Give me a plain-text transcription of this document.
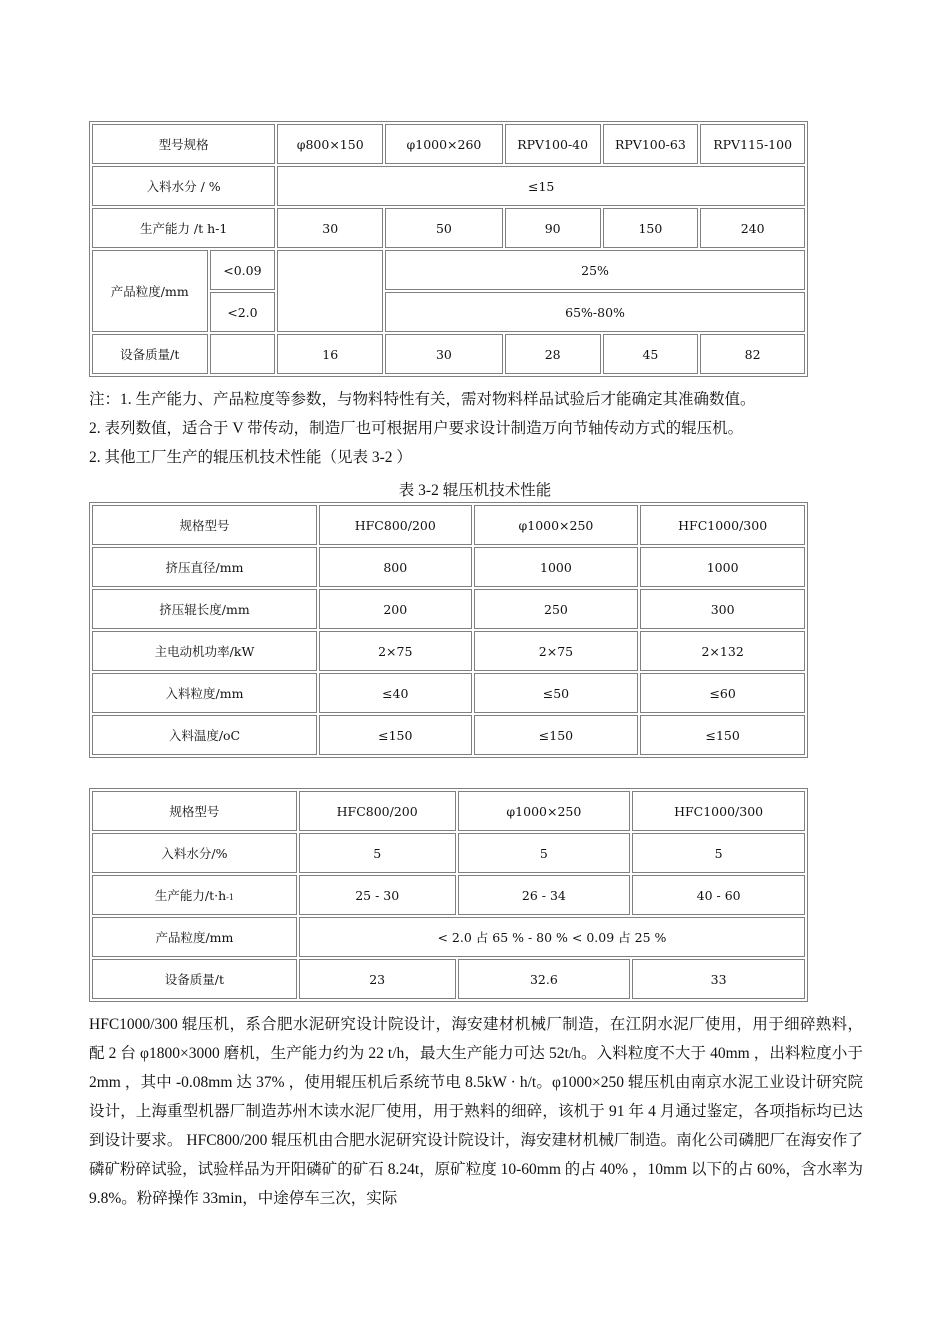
型号规格		φ800×150	φ1000×260	RPV100-40	RPV100-63	RPV115-100
入料水分 / %		≤15				
生产能力 /t h-1		30	50	90	150	240
产品粒度/mm	<0.09		25%			
	<2.0		65%-80%			
设备质量/t		16	30	28	45	82
注：1. 生产能力、产品粒度等参数，与物料特性有关，需对物料样品试验后才能确定其准确数值。
2. 表列数值，适合于 V 带传动，制造厂也可根据用户要求设计制造万向节轴传动方式的辊压机。
2. 其他工厂生产的辊压机技术性能（见表 3-2 ）
表 3-2 辊压机技术性能
规格型号	HFC800/200	φ1000×250	HFC1000/300
挤压直径/mm	800	1000	1000
挤压辊长度/mm	200	250	300
主电动机功率/kW	2×75	2×75	2×132
入料粒度/mm	≤40	≤50	≤60
入料温度/oC	≤150	≤150	≤150
规格型号	HFC800/200	φ1000×250	HFC1000/300
入料水分/%	5	5	5
生产能力/t·h-1	25 - 30	26 - 34	40 - 60
产品粒度/mm	< 2.0 占 65 % - 80 % < 0.09 占 25 %		
设备质量/t	23	32.6	33
HFC1000/300 辊压机，系合肥水泥研究设计院设计，海安建材机械厂制造，在江阴水泥厂使用，用于细碎熟料，配 2 台 φ1800×3000 磨机，生产能力约为 22 t/h，最大生产能力可达 52t/h。入料粒度不大于 40mm ，出料粒度小于 2mm ，其中 -0.08mm 达 37% ，使用辊压机后系统节电 8.5kW · h/t。φ1000×250 辊压机由南京水泥工业设计研究院设计，上海重型机器厂制造苏州木读水泥厂使用，用于熟料的细碎，该机于 91 年 4 月通过鉴定，各项指标均已达到设计要求。 HFC800/200 辊压机由合肥水泥研究设计院设计，海安建材机械厂制造。南化公司磷肥厂在海安作了磷矿粉碎试验，试验样品为开阳磷矿的矿石 8.24t，原矿粒度 10-60mm 的占 40% ，10mm 以下的占 60%，含水率为 9.8%。粉碎操作 33min，中途停车三次，实际
